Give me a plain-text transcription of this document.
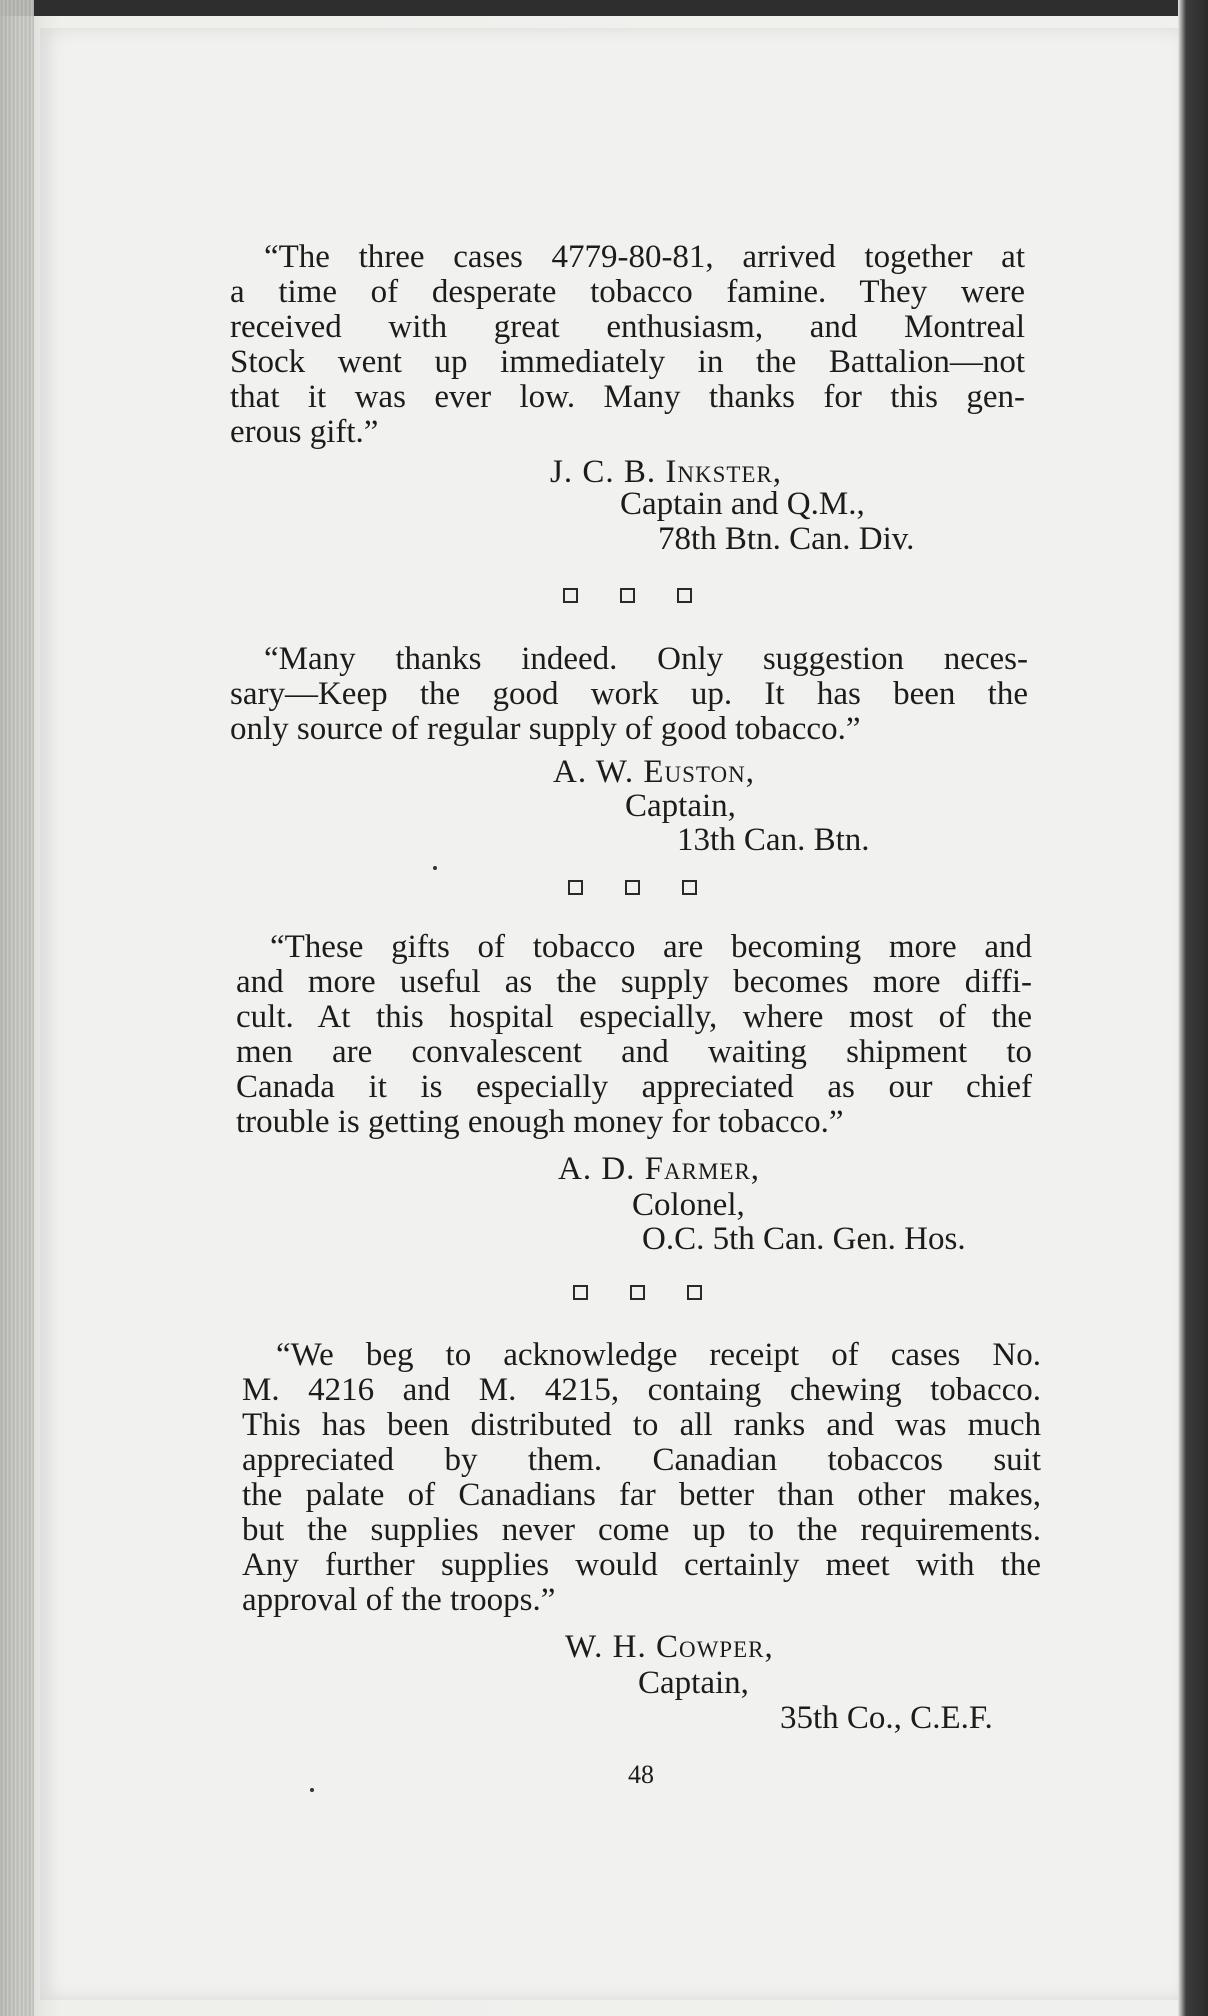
“The three cases 4779-80-81, arrived together at
a time of desperate tobacco famine. They were
received with great enthusiasm, and Montreal
Stock went up immediately in the Battalion—not
that it was ever low. Many thanks for this gen-
erous gift.”
J. C. B. Inkster,
Captain and Q.M.,
78th Btn. Can. Div.
“Many thanks indeed. Only suggestion neces-
sary—Keep the good work up. It has been the
only source of regular supply of good tobacco.”
A. W. Euston,
Captain,
13th Can. Btn.
“These gifts of tobacco are becoming more and
and more useful as the supply becomes more diffi-
cult. At this hospital especially, where most of the
men are convalescent and waiting shipment to
Canada it is especially appreciated as our chief
trouble is getting enough money for tobacco.”
A. D. Farmer,
Colonel,
O.C. 5th Can. Gen. Hos.
“We beg to acknowledge receipt of cases No.
M. 4216 and M. 4215, containg chewing tobacco.
This has been distributed to all ranks and was much
appreciated by them. Canadian tobaccos suit
the palate of Canadians far better than other makes,
but the supplies never come up to the requirements.
Any further supplies would certainly meet with the
approval of the troops.”
W. H. Cowper,
Captain,
35th Co., C.E.F.
48
